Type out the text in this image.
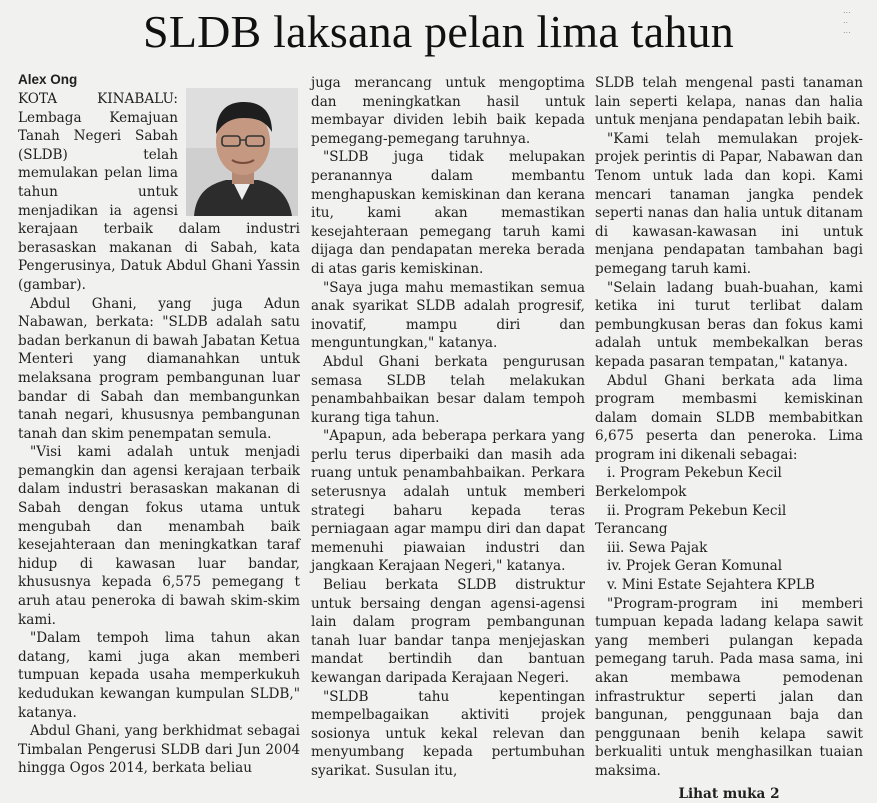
SLDB laksana pelan lima tahun	...
..
...
Alex Ong

KOTA KINABALU: Lembaga Kemajuan Tanah Negeri Sabah (SLDB) telah memulakan pelan lima tahun untuk menjadikan ia agensi kerajaan terbaik dalam industri berasaskan makanan di Sabah, kata Pengerusinya, Datuk Abdul Ghani Yassin (gambar).

Abdul Ghani, yang juga Adun Nabawan, berkata: "SLDB adalah satu badan berkanun di bawah Jabatan Ketua Menteri yang diamanahkan untuk melaksana program pembangunan luar bandar di Sabah dan membangunkan tanah negari, khususnya pembangunan tanah dan skim penempatan semula.

"Visi kami adalah untuk menjadi pemangkin dan agensi kerajaan terbaik dalam industri berasaskan makanan di Sabah dengan fokus utama untuk mengubah dan menambah baik kesejahteraan dan meningkatkan taraf hidup di kawasan luar bandar, khususnya kepada 6,575 pemegang t aruh atau peneroka di bawah skim-skim kami.

"Dalam tempoh lima tahun akan datang, kami juga akan memberi tumpuan kepada usaha memperkukuh kedudukan kewangan kumpulan SLDB," katanya.

Abdul Ghani, yang berkhidmat sebagai Timbalan Pengerusi SLDB dari Jun 2004 hingga Ogos 2014, berkata beliau

juga merancang untuk mengoptima dan meningkatkan hasil untuk membayar dividen lebih baik kepada pemegang-pemegang taruhnya.

"SLDB juga tidak melupakan peranannya dalam membantu menghapuskan kemiskinan dan kerana itu, kami akan memastikan kesejahteraan pemegang taruh kami dijaga dan pendapatan mereka berada di atas garis kemiskinan.

"Saya juga mahu memastikan semua anak syarikat SLDB adalah progresif, inovatif, mampu diri dan menguntungkan," katanya.

Abdul Ghani berkata pengurusan semasa SLDB telah melakukan penambahbaikan besar dalam tempoh kurang tiga tahun.

"Apapun, ada beberapa perkara yang perlu terus diperbaiki dan masih ada ruang untuk penambahbaikan. Perkara seterusnya adalah untuk memberi strategi baharu kepada teras perniagaan agar mampu diri dan dapat memenuhi piawaian industri dan jangkaan Kerajaan Negeri," katanya.

Beliau berkata SLDB distruktur untuk bersaing dengan agensi-agensi lain dalam program pembangunan tanah luar bandar tanpa menjejaskan mandat bertindih dan bantuan kewangan daripada Kerajaan Negeri.

"SLDB tahu kepentingan mempelbagaikan aktiviti projek sosionya untuk kekal relevan dan menyumbang kepada pertumbuhan syarikat. Susulan itu,

SLDB telah mengenal pasti tanaman lain seperti kelapa, nanas dan halia untuk menjana pendapatan lebih baik.

"Kami telah memulakan projek-projek perintis di Papar, Nabawan dan Tenom untuk lada dan kopi. Kami mencari tanaman jangka pendek seperti nanas dan halia untuk ditanam di kawasan-kawasan ini untuk menjana pendapatan tambahan bagi pemegang taruh kami.

"Selain ladang buah-buahan, kami ketika ini turut terlibat dalam pembungkusan beras dan fokus kami adalah untuk membekalkan beras kepada pasaran tempatan," katanya.

Abdul Ghani berkata ada lima program membasmi kemiskinan dalam domain SLDB membabitkan 6,675 peserta dan peneroka. Lima program ini dikenali sebagai:

i. Program Pekebun Kecil Berkelompok
ii. Program Pekebun Kecil Terancang
iii. Sewa Pajak
iv. Projek Geran Komunal
v. Mini Estate Sejahtera KPLB

"Program-program ini memberi tumpuan kepada ladang kelapa sawit yang memberi pulangan kepada pemegang taruh. Pada masa sama, ini akan membawa pemodenan infrastruktur seperti jalan dan bangunan, penggunaan baja dan penggunaan benih kelapa sawit berkualiti untuk menghasilkan tuaian maksima.

Lihat muka 2
